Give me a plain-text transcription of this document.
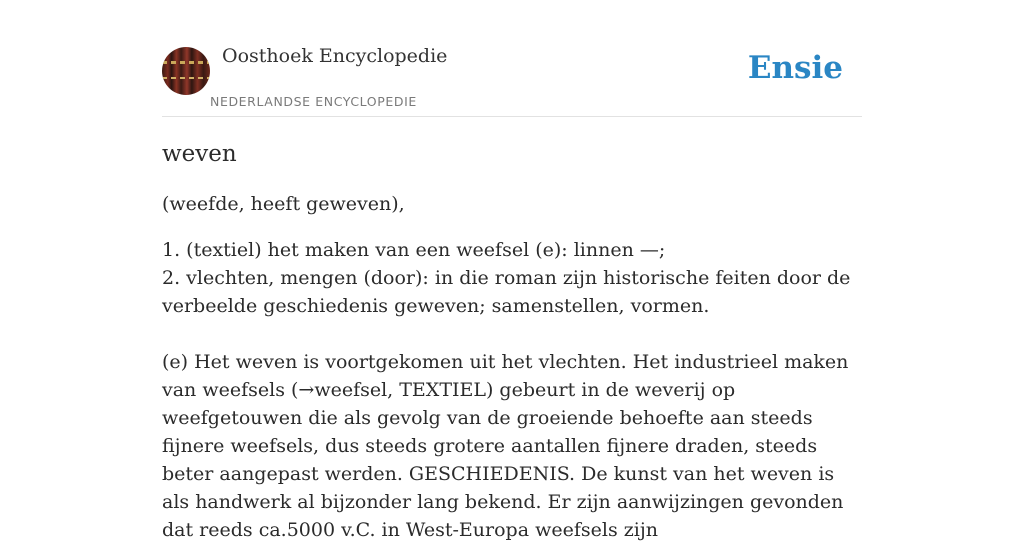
Oosthoek Encyclopedie
NEDERLANDSE ENCYCLOPEDIE
Ensie
weven

(weefde, heeft geweven),

1. (textiel) het maken van een weefsel (e): linnen —;
2. vlechten, mengen (door): in die roman zijn historische feiten door de verbeelde geschiedenis geweven; samenstellen, vormen.

(e) Het weven is voortgekomen uit het vlechten. Het industrieel maken van weefsels (→weefsel, TEXTIEL) gebeurt in de weverij op weefgetouwen die als gevolg van de groeiende behoefte aan steeds fijnere weefsels, dus steeds grotere aantallen fijnere draden, steeds beter aangepast werden. GESCHIEDENIS. De kunst van het weven is als handwerk al bijzonder lang bekend. Er zijn aanwijzingen gevonden dat reeds ca.5000 v.C. in West-Europa weefsels zijn
